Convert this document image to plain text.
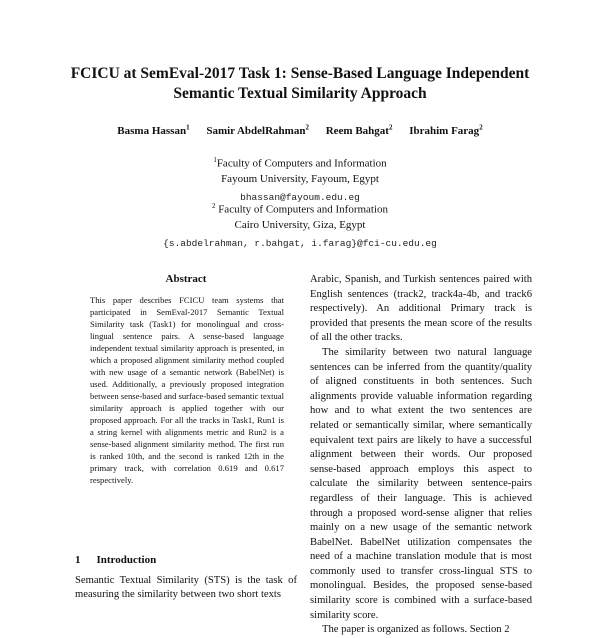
FCICU at SemEval-2017 Task 1: Sense-Based Language Independent
Semantic Textual Similarity Approach
Basma Hassan$^1$ Samir AbdelRahman$^2$ Reem Bahgat$^2$ Ibrahim Farag$^2$
$^1$Faculty of Computers and Information
Fayoum University, Fayoum, Egypt
bhassan@fayoum.edu.eg
$^2$ Faculty of Computers and Information
Cairo University, Giza, Egypt
{s.abdelrahman, r.bahgat, i.farag}@fci-cu.edu.eg
Abstract
This paper describes FCICU team systems that participated in SemEval-2017 Semantic Textual Similarity task (Task1) for monolingual and cross-lingual sentence pairs. A sense-based language independent textual similarity approach is presented, in which a proposed alignment similarity method coupled with new usage of a semantic network (BabelNet) is used. Additionally, a previously proposed integration between sense-based and surface-based semantic textual similarity approach is applied together with our proposed approach. For all the tracks in Task1, Run1 is a string kernel with alignments metric and Run2 is a sense-based alignment similarity method. The first run is ranked 10th, and the second is ranked 12th in the primary track, with correlation 0.619 and 0.617 respectively.
1 Introduction
Semantic Textual Similarity (STS) is the task of measuring the similarity between two short texts

Arabic, Spanish, and Turkish sentences paired with English sentences (track2, track4a-4b, and track6 respectively). An additional Primary track is provided that presents the mean score of the results of all the other tracks.

The similarity between two natural language sentences can be inferred from the quantity/quality of aligned constituents in both sentences. Such alignments provide valuable information regarding how and to what extent the two sentences are related or semantically similar, where semantically equivalent text pairs are likely to have a successful alignment between their words. Our proposed sense-based approach employs this aspect to calculate the similarity between sentence-pairs regardless of their language. This is achieved through a proposed word-sense aligner that relies mainly on a new usage of the semantic network BabelNet. BabelNet utilization compensates the need of a machine translation module that is most commonly used to transfer cross-lingual STS to monolingual. Besides, the proposed sense-based similarity score is combined with a surface-based similarity score.

The paper is organized as follows. Section 2
